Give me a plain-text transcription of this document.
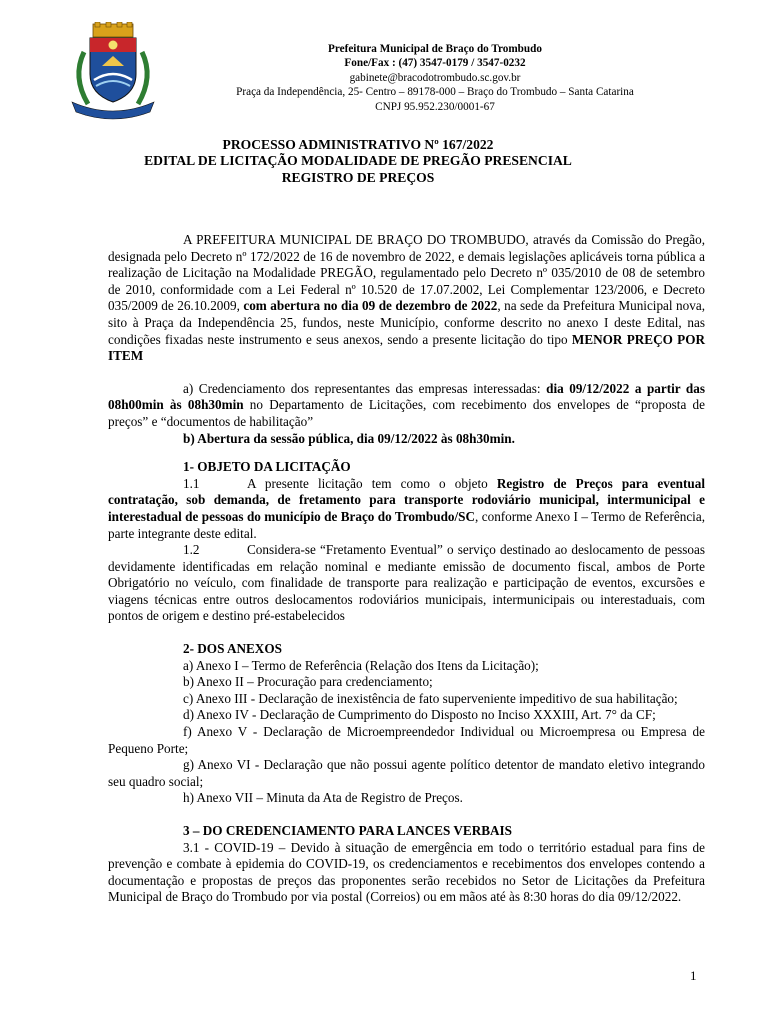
Prefeitura Municipal de Braço do Trombudo
Fone/Fax : (47) 3547-0179 / 3547-0232
gabinete@bracodotrombudo.sc.gov.br
Praça da Independência, 25- Centro – 89178-000 – Braço do Trombudo – Santa Catarina
CNPJ 95.952.230/0001-67
PROCESSO ADMINISTRATIVO Nº 167/2022
EDITAL DE LICITAÇÃO MODALIDADE DE PREGÃO PRESENCIAL
REGISTRO DE PREÇOS

A PREFEITURA MUNICIPAL DE BRAÇO DO TROMBUDO, através da Comissão do Pregão, designada pelo Decreto nº 172/2022 de 16 de novembro de 2022, e demais legislações aplicáveis torna pública a realização de Licitação na Modalidade PREGÃO, regulamentado pelo Decreto nº 035/2010 de 08 de setembro de 2010, conformidade com a Lei Federal nº 10.520 de 17.07.2002, Lei Complementar 123/2006, e Decreto 035/2009 de 26.10.2009, com abertura no dia 09 de dezembro de 2022, na sede da Prefeitura Municipal nova, sito à Praça da Independência 25, fundos, neste Município, conforme descrito no anexo I deste Edital, nas condições fixadas neste instrumento e seus anexos, sendo a presente licitação do tipo MENOR PREÇO POR ITEM

a) Credenciamento dos representantes das empresas interessadas: dia 09/12/2022 a partir das 08h00min às 08h30min no Departamento de Licitações, com recebimento dos envelopes de “proposta de preços” e “documentos de habilitação”

b) Abertura da sessão pública, dia 09/12/2022 às 08h30min.

1- OBJETO DA LICITAÇÃO

1.1	A presente licitação tem como o objeto Registro de Preços para eventual contratação, sob demanda, de fretamento para transporte rodoviário municipal, intermunicipal e interestadual de pessoas do município de Braço do Trombudo/SC, conforme Anexo I – Termo de Referência, parte integrante deste edital.

1.2	Considera-se “Fretamento Eventual” o serviço destinado ao deslocamento de pessoas devidamente identificadas em relação nominal e mediante emissão de documento fiscal, ambos de Porte Obrigatório no veículo, com finalidade de transporte para realização e participação de eventos, excursões e viagens técnicas entre outros deslocamentos rodoviários municipais, intermunicipais ou interestaduais, com pontos de origem e destino pré-estabelecidos

2- DOS ANEXOS

a) Anexo I – Termo de Referência (Relação dos Itens da Licitação);

b) Anexo II – Procuração para credenciamento;

c) Anexo III - Declaração de inexistência de fato superveniente impeditivo de sua habilitação;

d) Anexo IV - Declaração de Cumprimento do Disposto no Inciso XXXIII, Art. 7° da CF;

f) Anexo V - Declaração de Microempreendedor Individual ou Microempresa ou Empresa de Pequeno Porte;

g) Anexo VI - Declaração que não possui agente político detentor de mandato eletivo integrando seu quadro social;

h) Anexo VII – Minuta da Ata de Registro de Preços.

3 – DO CREDENCIAMENTO PARA LANCES VERBAIS

3.1 - COVID-19 – Devido à situação de emergência em todo o território estadual para fins de prevenção e combate à epidemia do COVID-19, os credenciamentos e recebimentos dos envelopes contendo a documentação e propostas de preços das proponentes serão recebidos no Setor de Licitações da Prefeitura Municipal de Braço do Trombudo por via postal (Correios) ou em mãos até às 8:30 horas do dia 09/12/2022.

1
